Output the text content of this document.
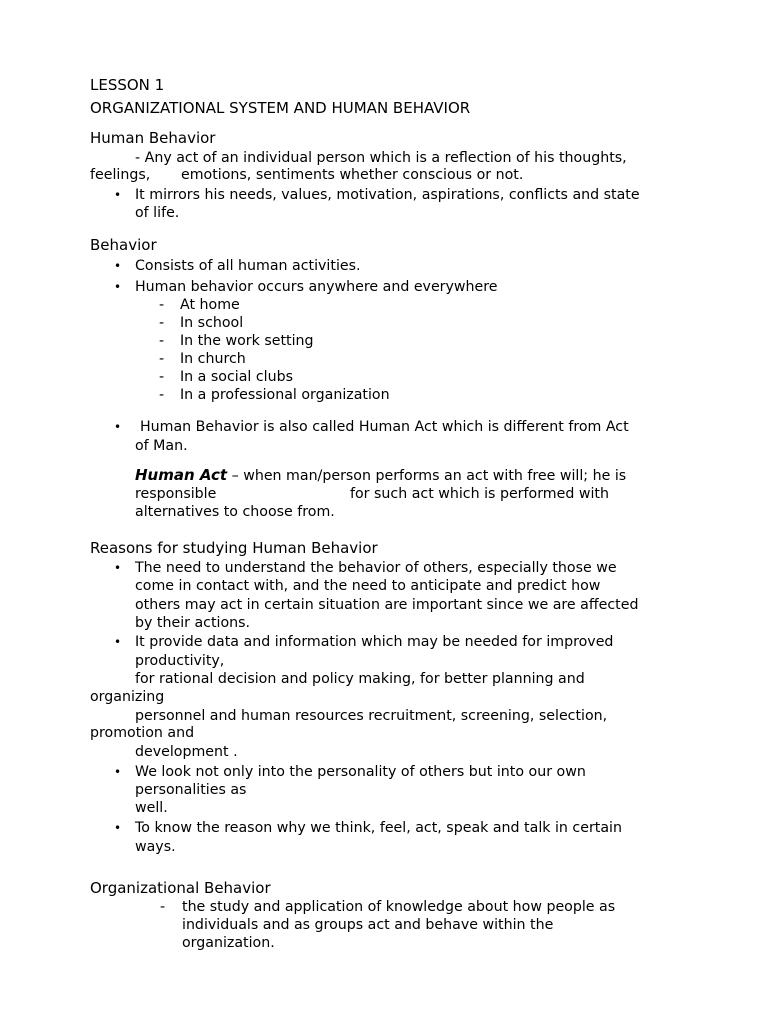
LESSON 1
ORGANIZATIONAL SYSTEM AND HUMAN BEHAVIOR
Human Behavior
- Any act of an individual person which is a reflection of his thoughts,
feelings, emotions, sentiments whether conscious or not.
• It mirrors his needs, values, motivation, aspirations, conflicts and state
of life.
Behavior
• Consists of all human activities.
• Human behavior occurs anywhere and everywhere
- At home
- In school
- In the work setting
- In church
- In a social clubs
- In a professional organization
• Human Behavior is also called Human Act which is different from Act
of Man.
Human Act – when man/person performs an act with free will; he is
responsible	for such act which is performed with
alternatives to choose from.
Reasons for studying Human Behavior
• The need to understand the behavior of others, especially those we
come in contact with, and the need to anticipate and predict how
others may act in certain situation are important since we are affected
by their actions.
• It provide data and information which may be needed for improved
productivity,
for rational decision and policy making, for better planning and
organizing
personnel and human resources recruitment, screening, selection,
promotion and
development .
• We look not only into the personality of others but into our own
personalities as
well.
• To know the reason why we think, feel, act, speak and talk in certain
ways.
Organizational Behavior
- the study and application of knowledge about how people as
individuals and as groups act and behave within the
organization.
